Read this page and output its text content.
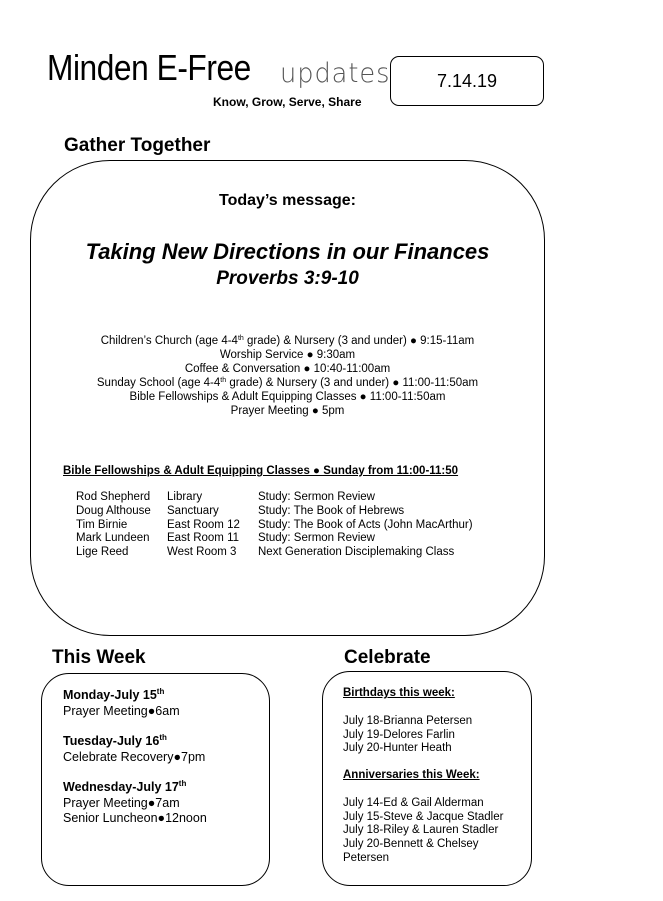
Minden E-Free updates
Know, Grow, Serve, Share
7.14.19
Gather Together
Today’s message:
Taking New Directions in our Finances
Proverbs 3:9-10
Children’s Church (age 4-4th grade) & Nursery (3 and under) ● 9:15-11am
Worship Service ● 9:30am
Coffee & Conversation ● 10:40-11:00am
Sunday School (age 4-4th grade) & Nursery (3 and under) ● 11:00-11:50am
Bible Fellowships & Adult Equipping Classes ● 11:00-11:50am
Prayer Meeting ● 5pm
Bible Fellowships & Adult Equipping Classes ● Sunday from 11:00-11:50
Rod Shepherd	Library	Study: Sermon Review
Doug Althouse	Sanctuary	Study: The Book of Hebrews
Tim Birnie	East Room 12	Study: The Book of Acts (John MacArthur)
Mark Lundeen	East Room 11	Study: Sermon Review
Lige Reed	West Room 3	Next Generation Disciplemaking Class
This Week
Monday-July 15th
Prayer Meeting●6am
Tuesday-July 16th
Celebrate Recovery●7pm
Wednesday-July 17th
Prayer Meeting●7am
Senior Luncheon●12noon
Celebrate
Birthdays this week:
July 18-Brianna Petersen
July 19-Delores Farlin
July 20-Hunter Heath
Anniversaries this Week:
July 14-Ed & Gail Alderman
July 15-Steve & Jacque Stadler
July 18-Riley & Lauren Stadler
July 20-Bennett & Chelsey Petersen
